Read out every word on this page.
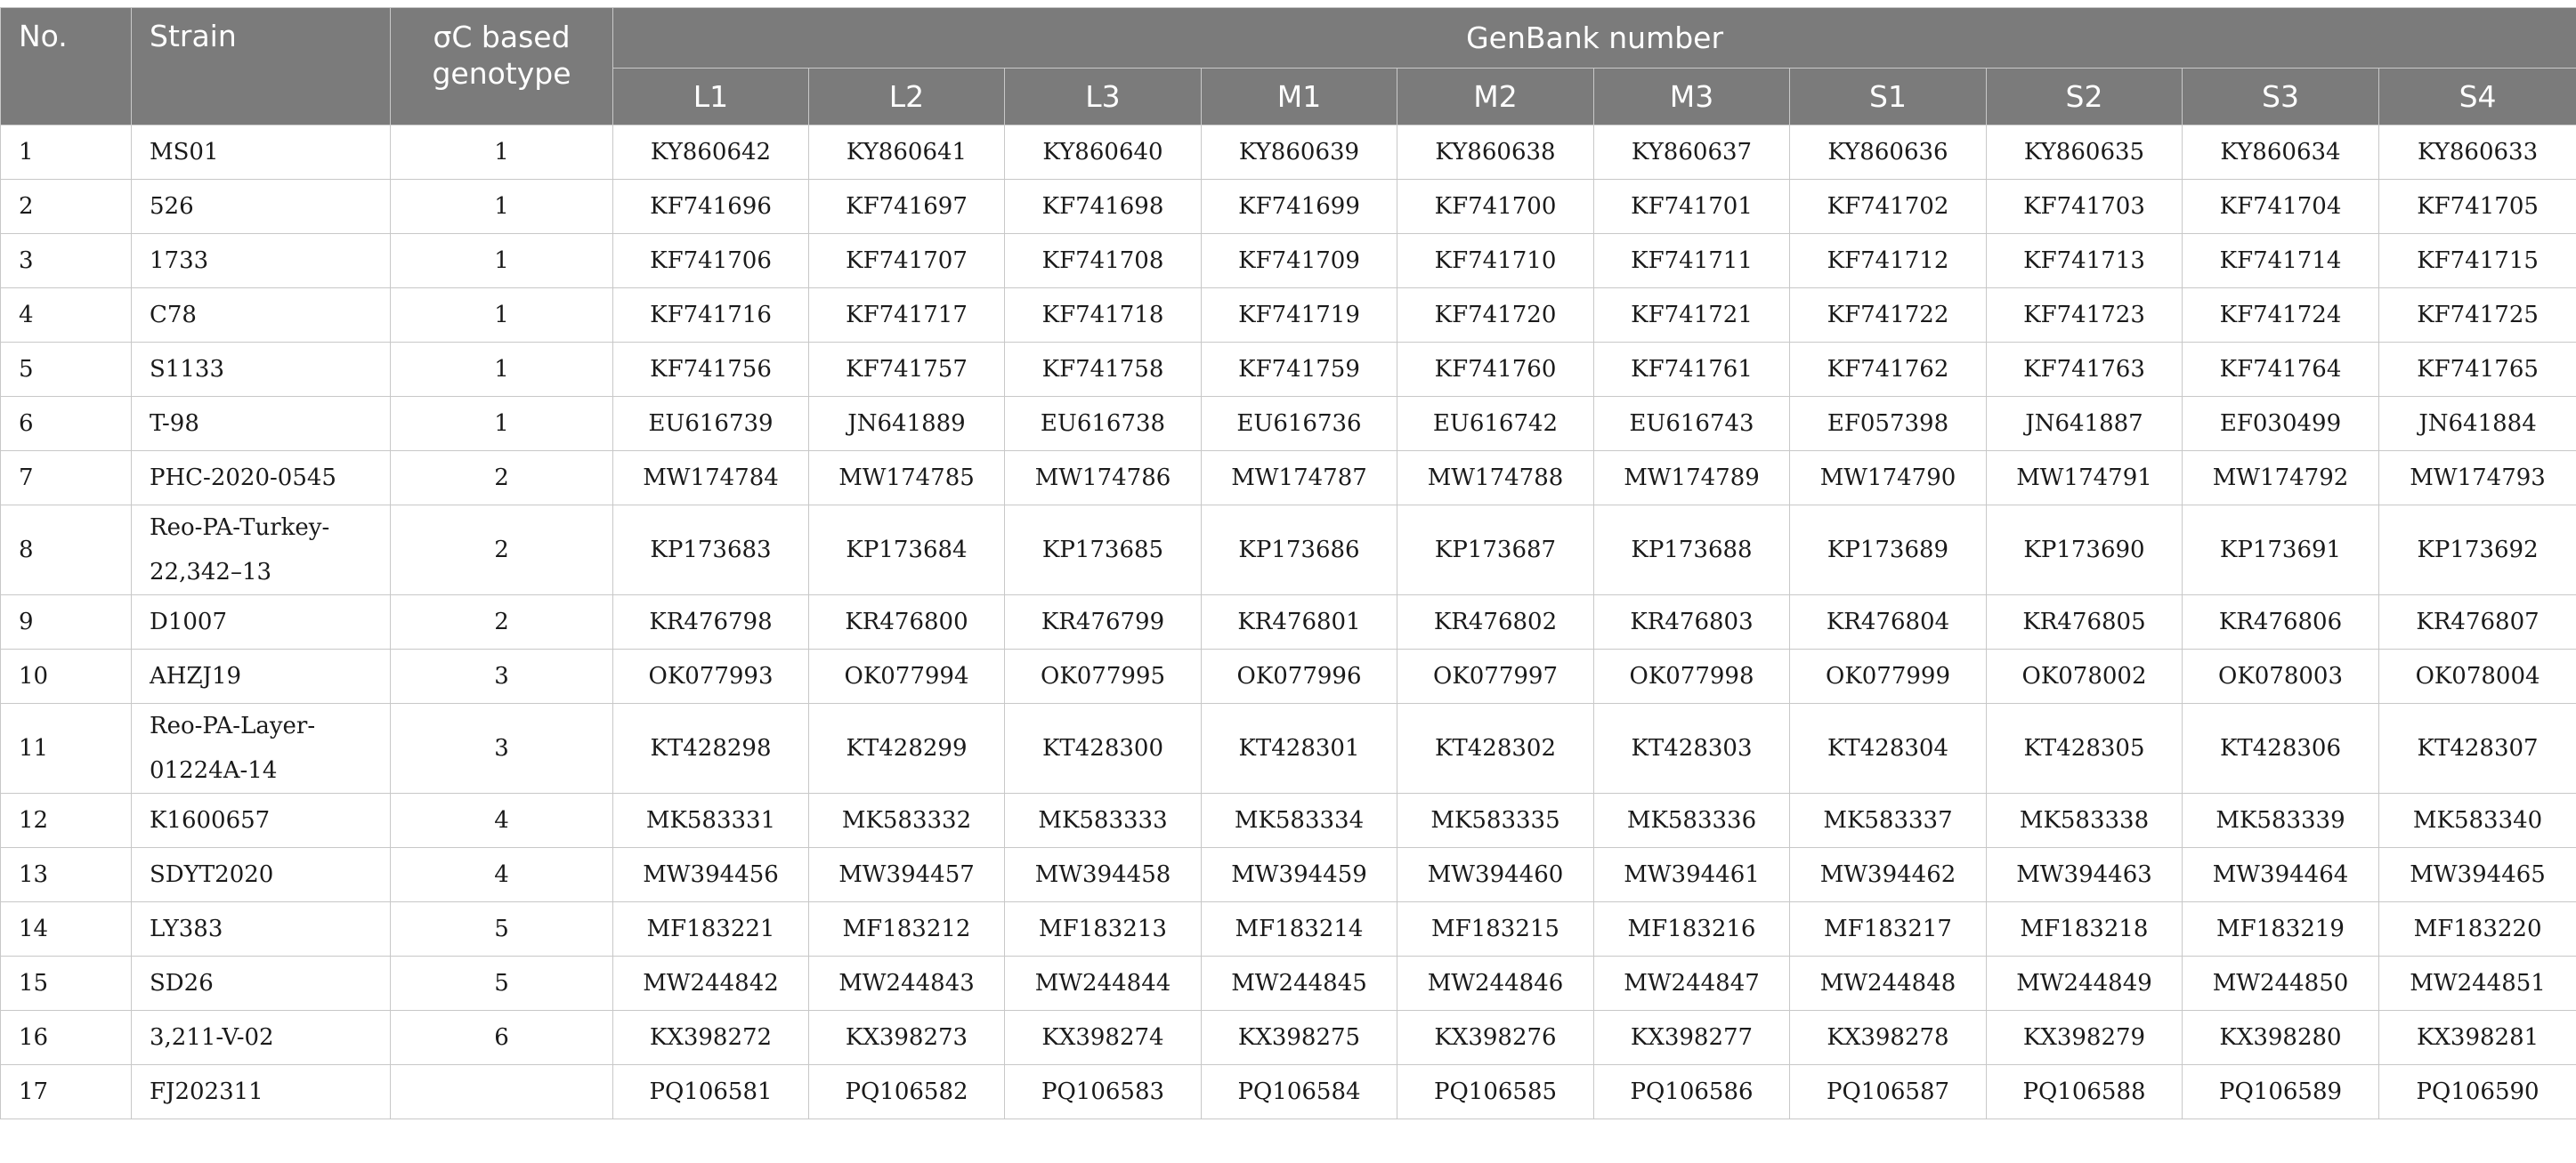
No.	Strain	σC based genotype	GenBank number									
			L1	L2	L3	M1	M2	M3	S1	S2	S3	S4
1	MS01	1	KY860642	KY860641	KY860640	KY860639	KY860638	KY860637	KY860636	KY860635	KY860634	KY860633
2	526	1	KF741696	KF741697	KF741698	KF741699	KF741700	KF741701	KF741702	KF741703	KF741704	KF741705
3	1733	1	KF741706	KF741707	KF741708	KF741709	KF741710	KF741711	KF741712	KF741713	KF741714	KF741715
4	C78	1	KF741716	KF741717	KF741718	KF741719	KF741720	KF741721	KF741722	KF741723	KF741724	KF741725
5	S1133	1	KF741756	KF741757	KF741758	KF741759	KF741760	KF741761	KF741762	KF741763	KF741764	KF741765
6	T-98	1	EU616739	JN641889	EU616738	EU616736	EU616742	EU616743	EF057398	JN641887	EF030499	JN641884
7	PHC-2020-0545	2	MW174784	MW174785	MW174786	MW174787	MW174788	MW174789	MW174790	MW174791	MW174792	MW174793
8	Reo-PA-Turkey-22,342–13	2	KP173683	KP173684	KP173685	KP173686	KP173687	KP173688	KP173689	KP173690	KP173691	KP173692
9	D1007	2	KR476798	KR476800	KR476799	KR476801	KR476802	KR476803	KR476804	KR476805	KR476806	KR476807
10	AHZJ19	3	OK077993	OK077994	OK077995	OK077996	OK077997	OK077998	OK077999	OK078002	OK078003	OK078004
11	Reo-PA-Layer-01224A-14	3	KT428298	KT428299	KT428300	KT428301	KT428302	KT428303	KT428304	KT428305	KT428306	KT428307
12	K1600657	4	MK583331	MK583332	MK583333	MK583334	MK583335	MK583336	MK583337	MK583338	MK583339	MK583340
13	SDYT2020	4	MW394456	MW394457	MW394458	MW394459	MW394460	MW394461	MW394462	MW394463	MW394464	MW394465
14	LY383	5	MF183221	MF183212	MF183213	MF183214	MF183215	MF183216	MF183217	MF183218	MF183219	MF183220
15	SD26	5	MW244842	MW244843	MW244844	MW244845	MW244846	MW244847	MW244848	MW244849	MW244850	MW244851
16	3,211-V-02	6	KX398272	KX398273	KX398274	KX398275	KX398276	KX398277	KX398278	KX398279	KX398280	KX398281
17	FJ202311		PQ106581	PQ106582	PQ106583	PQ106584	PQ106585	PQ106586	PQ106587	PQ106588	PQ106589	PQ106590
